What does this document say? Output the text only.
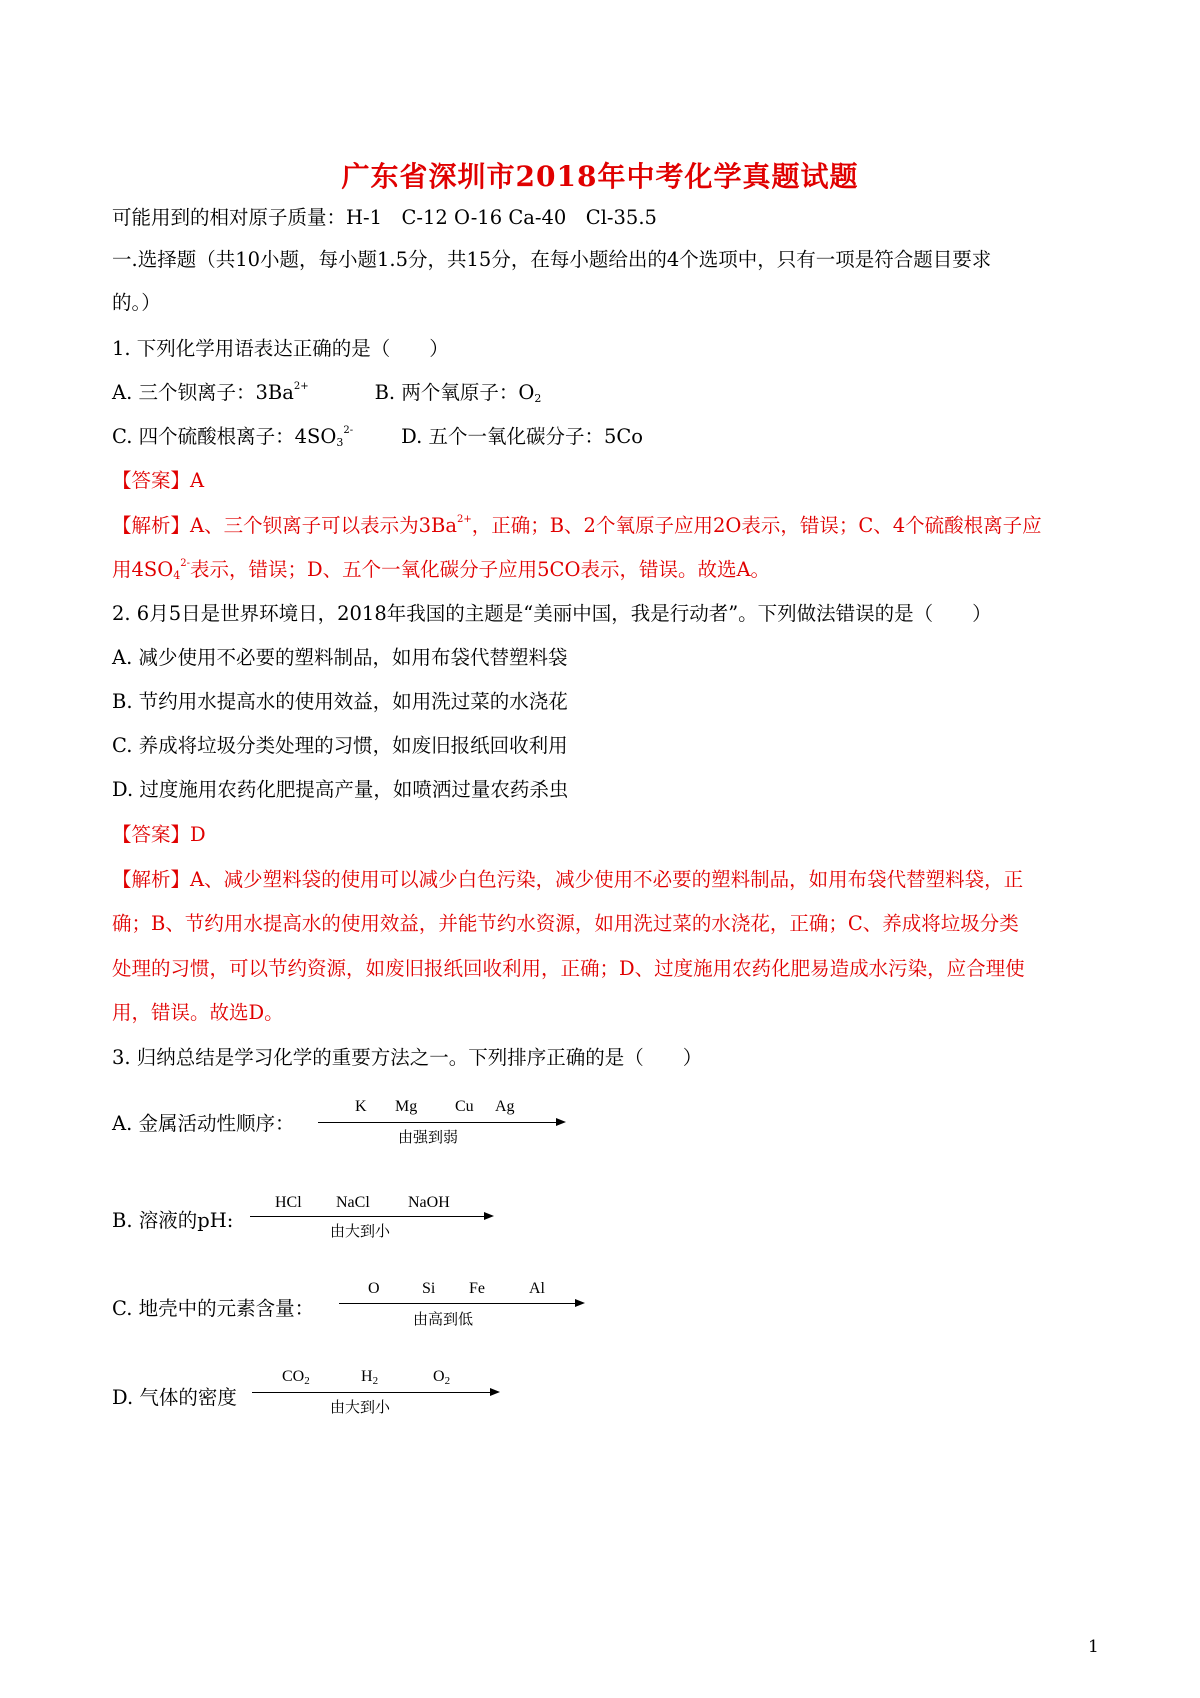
广东省深圳市2018年中考化学真题试题
可能用到的相对原子质量：H-1　C-12 O-16 Ca-40　Cl-35.5
一.选择题（共10小题，每小题1.5分，共15分，在每小题给出的4个选项中，只有一项是符合题目要求
的。）
1. 下列化学用语表达正确的是（　　）
A. 三个钡离子：$3Ba^{2+}$	B. 两个氧原子：$O_2$
C. 四个硫酸根离子：$4SO_3^{2-}$ D. 五个一氧化碳分子：5Co
【答案】A
【解析】A、三个钡离子可以表示为$3Ba^{2+}$，正确；B、2个氧原子应用2O表示，错误；C、4个硫酸根离子应
用$4SO_4^{2-}$表示，错误；D、五个一氧化碳分子应用5CO表示，错误。故选A。
2. 6月5日是世界环境日，2018年我国的主题是“美丽中国，我是行动者”。下列做法错误的是（　　）
A. 减少使用不必要的塑料制品，如用布袋代替塑料袋
B. 节约用水提高水的使用效益，如用洗过菜的水浇花
C. 养成将垃圾分类处理的习惯，如废旧报纸回收利用
D. 过度施用农药化肥提高产量，如喷洒过量农药杀虫
【答案】D
【解析】A、减少塑料袋的使用可以减少白色污染，减少使用不必要的塑料制品，如用布袋代替塑料袋，正
确；B、节约用水提高水的使用效益，并能节约水资源，如用洗过菜的水浇花，正确；C、养成将垃圾分类
处理的习惯，可以节约资源，如废旧报纸回收利用，正确；D、过度施用农药化肥易造成水污染，应合理使
用，错误。故选D。
3. 归纳总结是学习化学的重要方法之一。下列排序正确的是（　　）
A. 金属活动性顺序：
K Mg Cu Ag
由强到弱
B. 溶液的pH:
HCl NaCl NaOH
由大到小
C. 地壳中的元素含量：
O	Si Fe	Al
由高到低
D. 气体的密度
$CO_2$	$H_2$	$O_2$
由大到小
1
